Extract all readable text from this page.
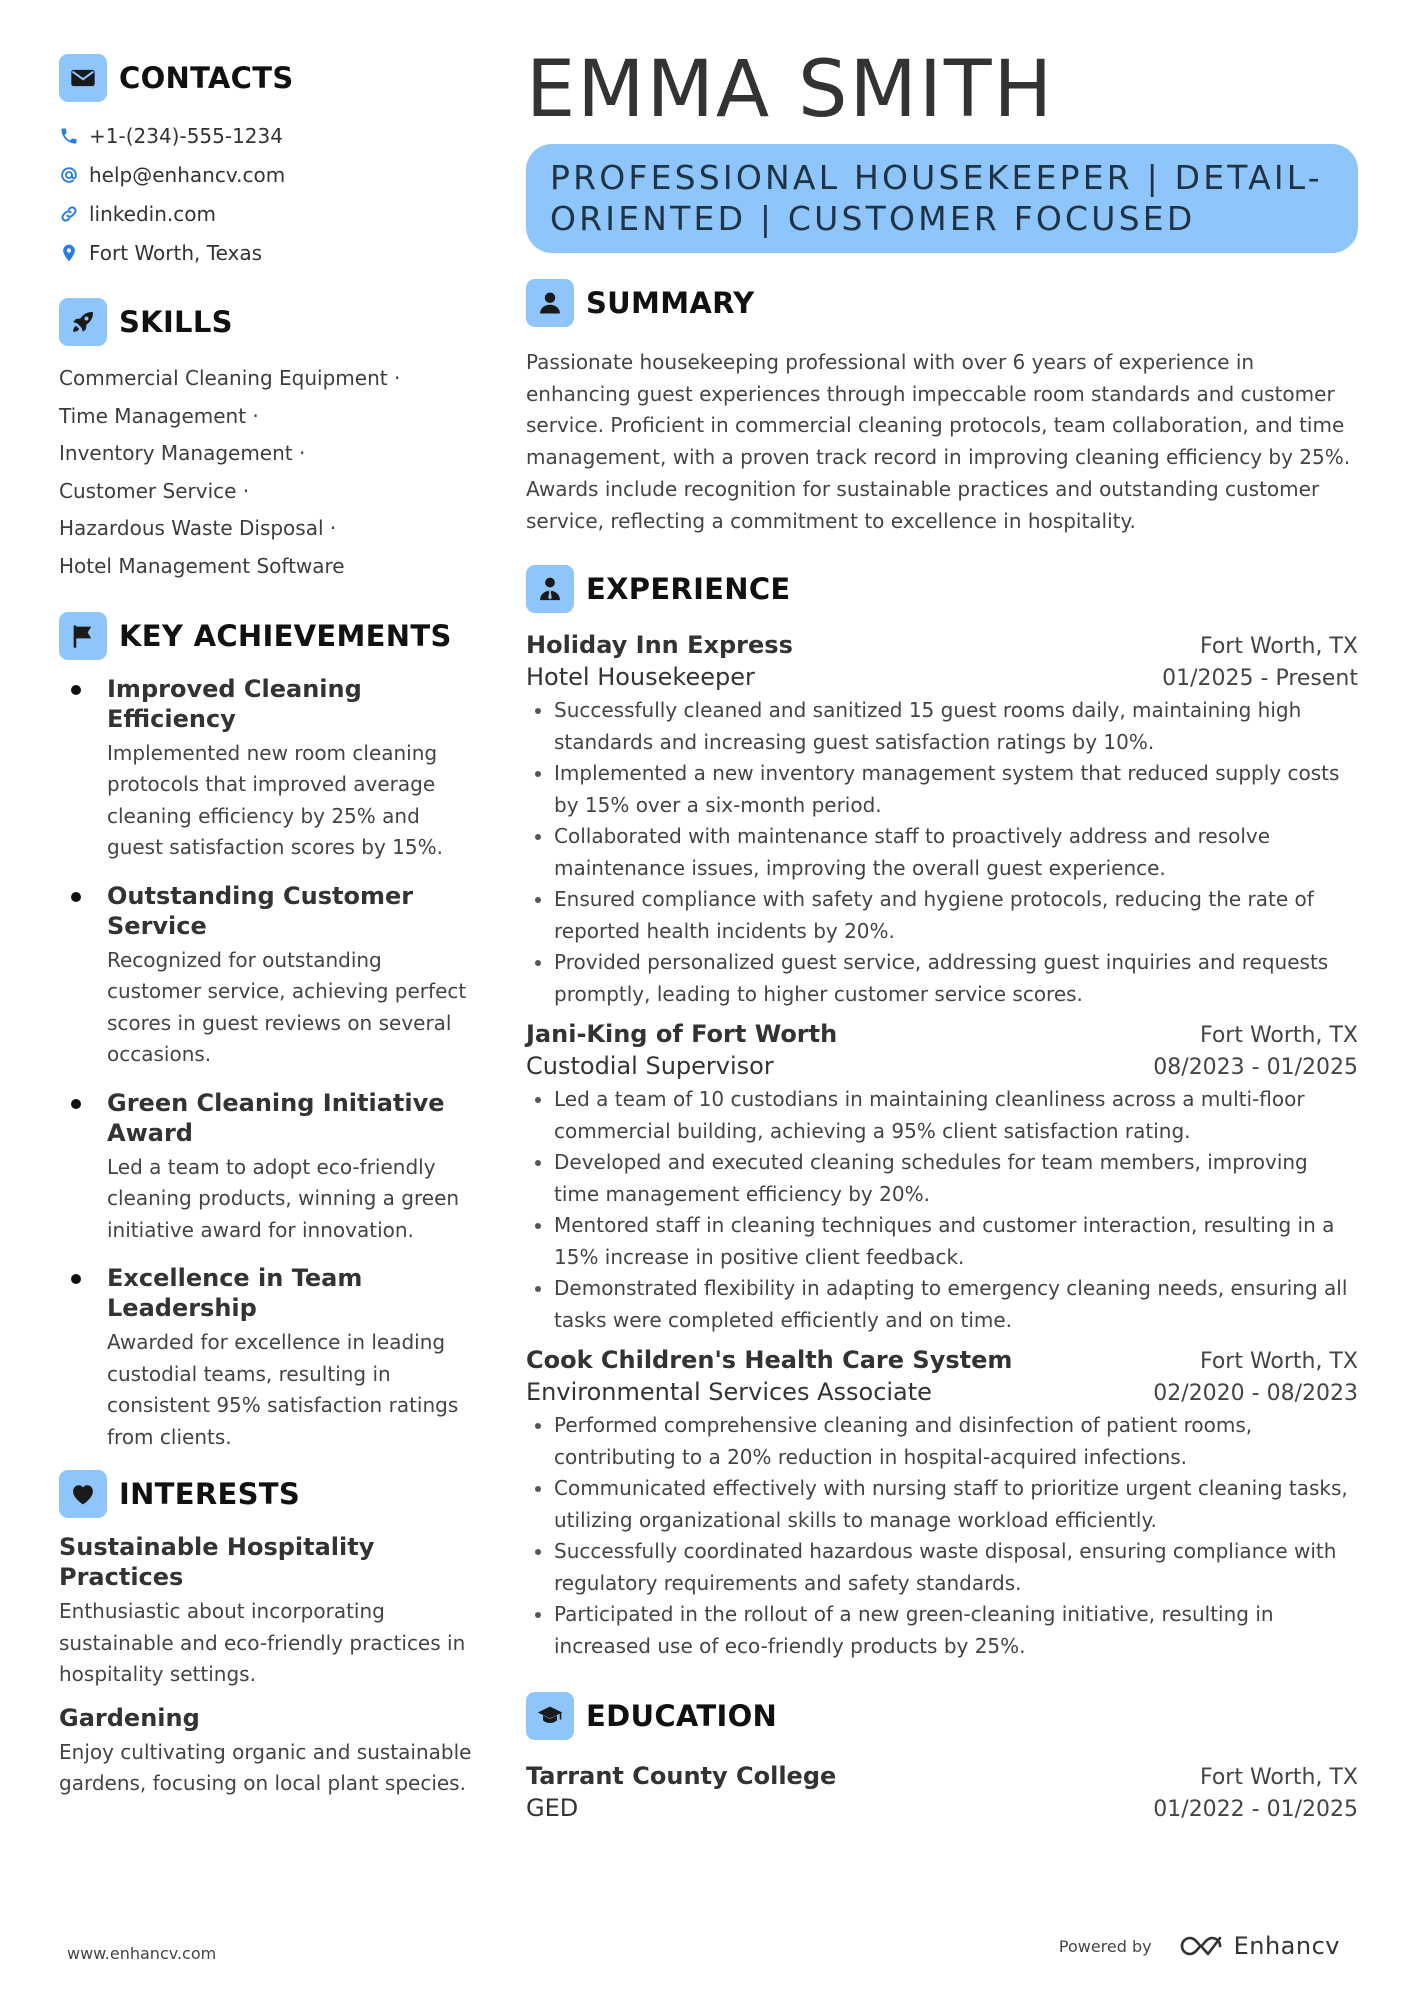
CONTACTS
+1-(234)-555-1234
help@enhancv.com
linkedin.com
Fort Worth, Texas
SKILLS
Commercial Cleaning Equipment ·
Time Management ·
Inventory Management ·
Customer Service ·
Hazardous Waste Disposal ·
Hotel Management Software
KEY ACHIEVEMENTS
Improved Cleaning Efficiency
Implemented new room cleaning protocols that improved average cleaning efficiency by 25% and guest satisfaction scores by 15%.
Outstanding Customer Service
Recognized for outstanding customer service, achieving perfect scores in guest reviews on several occasions.
Green Cleaning Initiative Award
Led a team to adopt eco-friendly cleaning products, winning a green initiative award for innovation.
Excellence in Team Leadership
Awarded for excellence in leading custodial teams, resulting in consistent 95% satisfaction ratings from clients.
INTERESTS
Sustainable Hospitality Practices
Enthusiastic about incorporating sustainable and eco-friendly practices in hospitality settings.
Gardening
Enjoy cultivating organic and sustainable gardens, focusing on local plant species.
EMMA SMITH
PROFESSIONAL HOUSEKEEPER | DETAIL-ORIENTED | CUSTOMER FOCUSED
SUMMARY
Passionate housekeeping professional with over 6 years of experience in enhancing guest experiences through impeccable room standards and customer service. Proficient in commercial cleaning protocols, team collaboration, and time management, with a proven track record in improving cleaning efficiency by 25%. Awards include recognition for sustainable practices and outstanding customer service, reflecting a commitment to excellence in hospitality.
EXPERIENCE
Holiday Inn Express	Fort Worth, TX
Hotel Housekeeper	01/2025 - Present
Successfully cleaned and sanitized 15 guest rooms daily, maintaining high standards and increasing guest satisfaction ratings by 10%.
Implemented a new inventory management system that reduced supply costs by 15% over a six-month period.
Collaborated with maintenance staff to proactively address and resolve maintenance issues, improving the overall guest experience.
Ensured compliance with safety and hygiene protocols, reducing the rate of reported health incidents by 20%.
Provided personalized guest service, addressing guest inquiries and requests promptly, leading to higher customer service scores.
Jani-King of Fort Worth	Fort Worth, TX
Custodial Supervisor	08/2023 - 01/2025
Led a team of 10 custodians in maintaining cleanliness across a multi-floor commercial building, achieving a 95% client satisfaction rating.
Developed and executed cleaning schedules for team members, improving time management efficiency by 20%.
Mentored staff in cleaning techniques and customer interaction, resulting in a 15% increase in positive client feedback.
Demonstrated flexibility in adapting to emergency cleaning needs, ensuring all tasks were completed efficiently and on time.
Cook Children's Health Care System	Fort Worth, TX
Environmental Services Associate	02/2020 - 08/2023
Performed comprehensive cleaning and disinfection of patient rooms, contributing to a 20% reduction in hospital-acquired infections.
Communicated effectively with nursing staff to prioritize urgent cleaning tasks, utilizing organizational skills to manage workload efficiently.
Successfully coordinated hazardous waste disposal, ensuring compliance with regulatory requirements and safety standards.
Participated in the rollout of a new green-cleaning initiative, resulting in increased use of eco-friendly products by 25%.
EDUCATION
Tarrant County College	Fort Worth, TX
GED	01/2022 - 01/2025
www.enhancv.com	Powered by	Enhancv
